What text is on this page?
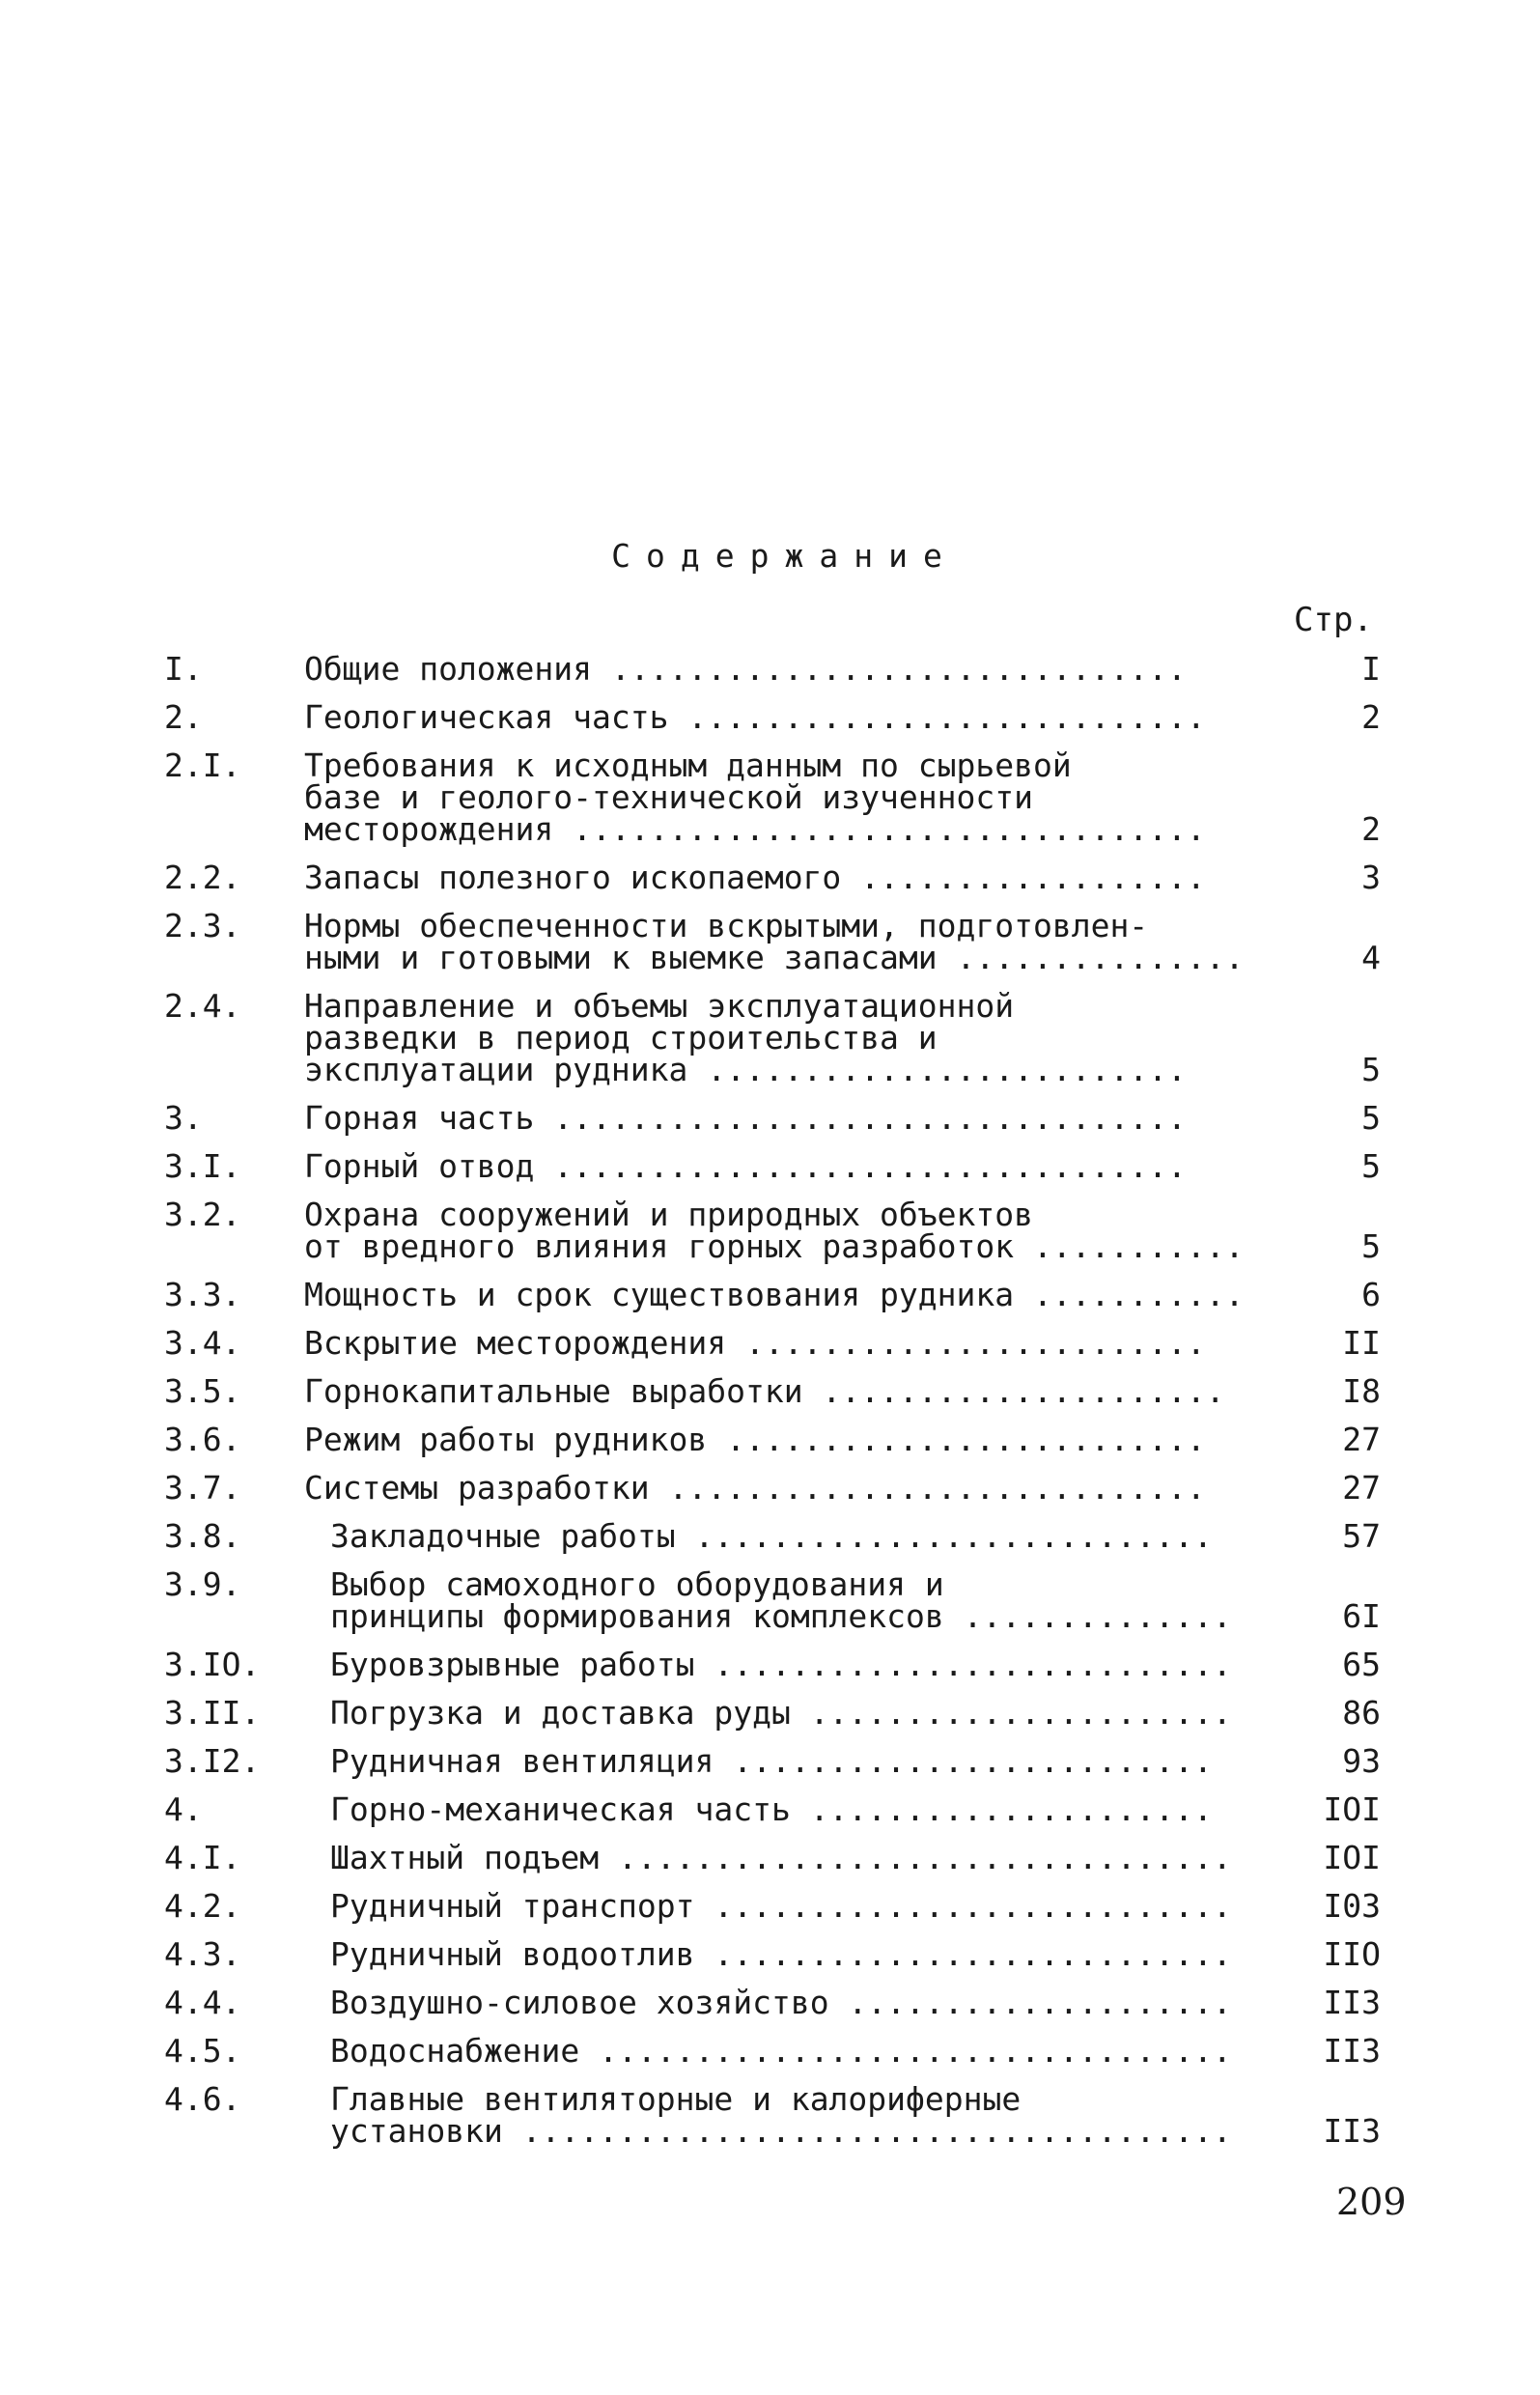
Содержание
Стр.
I.	Общие положения ..............................	I
2.	Геологическая часть ...........................	2
2.I. Требования к исходным данным по сырьевой
базе и геолого-технической изученности
месторождения .................................	2
2.2. Запасы полезного ископаемого ..................	3
2.3. Нормы обеспеченности вскрытыми, подготовлен-
ными и готовыми к выемке запасами ...............	4
2.4. Направление и объемы эксплуатационной
разведки в период строительства и
эксплуатации рудника .........................	5
3.	Горная часть .................................	5
3.I. Горный отвод .................................	5
3.2. Охрана сооружений и природных объектов
от вредного влияния горных разработок ...........	5
3.3. Мощность и срок существования рудника ...........	6
3.4. Вскрытие месторождения ........................	II
3.5. Горнокапитальные выработки .....................	I8
3.6. Режим работы рудников .........................	27
3.7. Системы разработки ............................	27
3.8.	Закладочные работы ...........................	57
3.9.	Выбор самоходного оборудования и
принципы формирования комплексов ..............	6I
3.IO. Буровзрывные работы ...........................	65
3.II. Погрузка и доставка руды ......................	86
3.I2. Рудничная вентиляция .........................	93
4.	Горно-механическая часть .....................	IOI
4.I.	Шахтный подъем ................................	IOI
4.2.	Рудничный транспорт ...........................	I03
4.3.	Рудничный водоотлив ...........................	IIO
4.4.	Воздушно-силовое хозяйство ....................	II3
4.5.	Водоснабжение .................................	II3
4.6.	Главные вентиляторные и калориферные
установки .....................................	II3
209
